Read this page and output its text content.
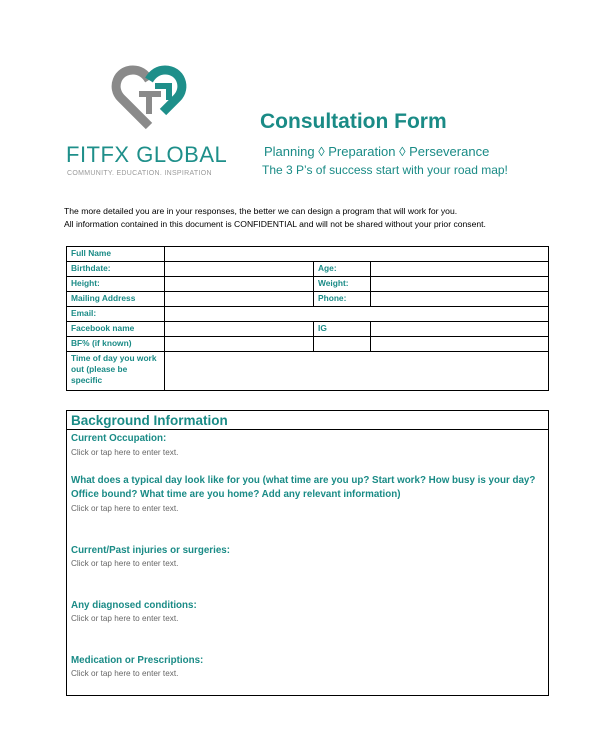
FITFX GLOBAL
COMMUNITY. EDUCATION. INSPIRATION
Consultation Form
Planning ◊ Preparation ◊ Perseverance
The 3 P’s of success start with your road map!
The more detailed you are in your responses, the better we can design a program that will work for you.
All information contained in this document is CONFIDENTIAL and will not be shared without your prior consent.
Full Name			
Birthdate:		Age:	
Height:		Weight:	
Mailing Address		Phone:	
Email:			
Facebook name		IG	
BF% (if known)			
Time of day you work out (please be specific			
Background Information
Current Occupation:
Click or tap here to enter text.
What does a typical day look like for you (what time are you up? Start work? How busy is your day? Office bound? What time are you home? Add any relevant information)
Click or tap here to enter text.
Current/Past injuries or surgeries:
Click or tap here to enter text.
Any diagnosed conditions:
Click or tap here to enter text.
Medication or Prescriptions:
Click or tap here to enter text.
